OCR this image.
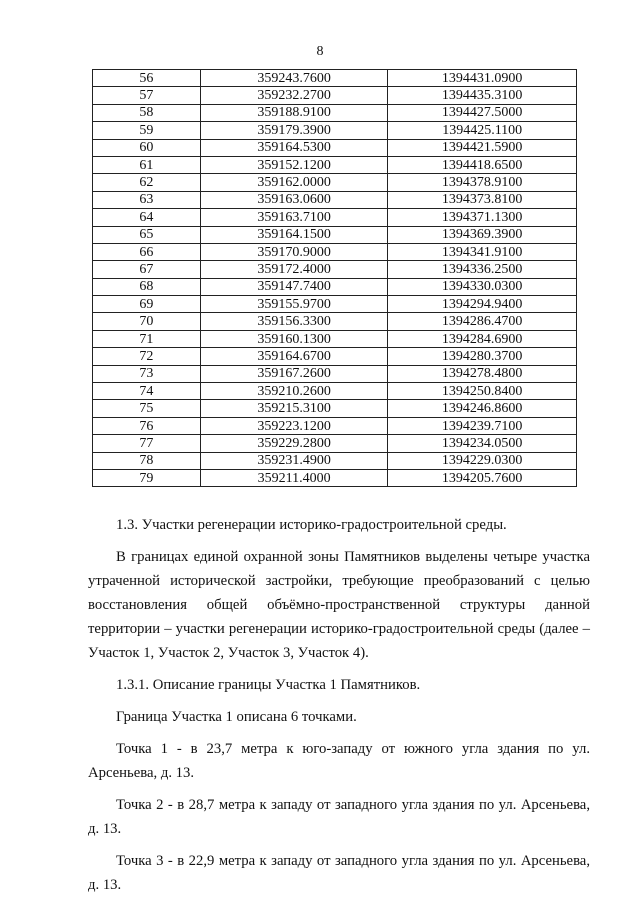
8
56	359243.7600	1394431.0900
57	359232.2700	1394435.3100
58	359188.9100	1394427.5000
59	359179.3900	1394425.1100
60	359164.5300	1394421.5900
61	359152.1200	1394418.6500
62	359162.0000	1394378.9100
63	359163.0600	1394373.8100
64	359163.7100	1394371.1300
65	359164.1500	1394369.3900
66	359170.9000	1394341.9100
67	359172.4000	1394336.2500
68	359147.7400	1394330.0300
69	359155.9700	1394294.9400
70	359156.3300	1394286.4700
71	359160.1300	1394284.6900
72	359164.6700	1394280.3700
73	359167.2600	1394278.4800
74	359210.2600	1394250.8400
75	359215.3100	1394246.8600
76	359223.1200	1394239.7100
77	359229.2800	1394234.0500
78	359231.4900	1394229.0300
79	359211.4000	1394205.7600

1.3. Участки регенерации историко-градостроительной среды.

В границах единой охранной зоны Памятников выделены четыре участка утраченной исторической застройки, требующие преобразований с целью восстановления общей объёмно-пространственной структуры данной территории – участки регенерации историко-градостроительной среды (далее – Участок 1, Участок 2, Участок 3, Участок 4).

1.3.1. Описание границы Участка 1 Памятников.

Граница Участка 1 описана 6 точками.

Точка 1 - в 23,7 метра к юго-западу от южного угла здания по ул. Арсеньева, д. 13.

Точка 2 - в 28,7 метра к западу от западного угла здания по ул. Арсеньева, д. 13.

Точка 3 - в 22,9 метра к западу от западного угла здания по ул. Арсеньева, д. 13.
